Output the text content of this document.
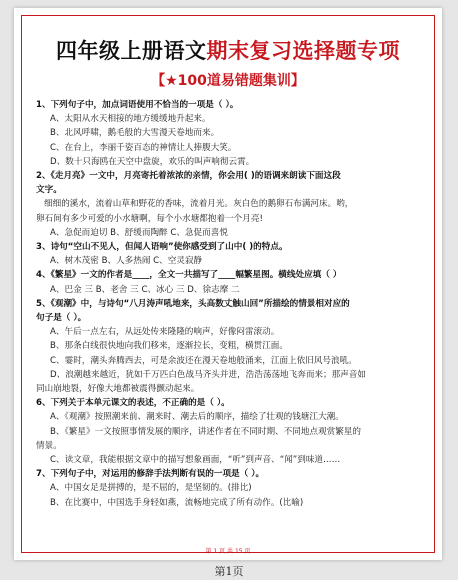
四年级上册语文期末复习选择题专项
【★100道易错题集训】
1、下列句子中，加点词语使用不恰当的一项是（ ）。
A、太阳从水天相接的地方缓缓地升起来。
B、北风呼啸，鹅毛般的大雪漫天卷地而来。
C、在台上，李丽千姿百态的神情让人捧腹大笑。
D、数十只海鸥在天空中盘旋，欢乐的叫声响彻云霄。
2、《走月亮》一文中，月亮寄托着浓浓的亲情，你会用( )的语调来朗读下面这段
文字。
细细的溪水，流着山草和野花的香味，流着月光。灰白色的鹅卵石布满河床。哟，
卵石间有多少可爱的小水塘啊，每个小水塘都抱着一个月亮!
A、急促而迫切 B、舒缓而陶醉 C、急促而喜悦
3、诗句“空山不见人，但闻人语响”使你感受到了山中( )的特点。
A、树木茂密 B、人多热闹 C、空灵寂静
4、《繁星》一文的作者是____，全文一共描写了____幅繁星图。横线处应填（ ）
A、巴金 三 B、老舍 三 C、冰心 三 D、徐志摩 二
5、《观潮》中，与诗句“八月涛声吼地来，头高数丈触山回”所描绘的情景相对应的
句子是（ ）。
A、午后一点左右，从远处传来隆隆的响声，好像闷雷滚动。
B、那条白线很快地向我们移来，逐渐拉长，变粗，横贯江面。
C、霎时，潮头奔腾西去，可是余波还在漫天卷地般涌来，江面上依旧风号浪吼。
D、浪潮越来越近，犹如千万匹白色战马齐头并进，浩浩荡荡地飞奔而来；那声音如
同山崩地裂，好像大地都被震得颤动起来。
6、下列关于本单元课文的表述，不正确的是（ ）。
A、《观潮》按照潮来前、潮来时、潮去后的顺序，描绘了壮观的钱塘江大潮。
B、《繁星》一文按照事情发展的顺序，讲述作者在不同时期、不同地点观赏繁星的
情景。
C、读文章，我能根据文章中的描写想象画面，“听”到声音、“闻”到味道……
7、下列句子中，对运用的修辞手法判断有误的一项是（ ）。
A、中国女足是拼搏的，是不屈的，是坚韧的。(排比)
B、在比赛中，中国选手身轻如燕，流畅地完成了所有动作。(比喻)
第 1 页 共 15 页
第1页
